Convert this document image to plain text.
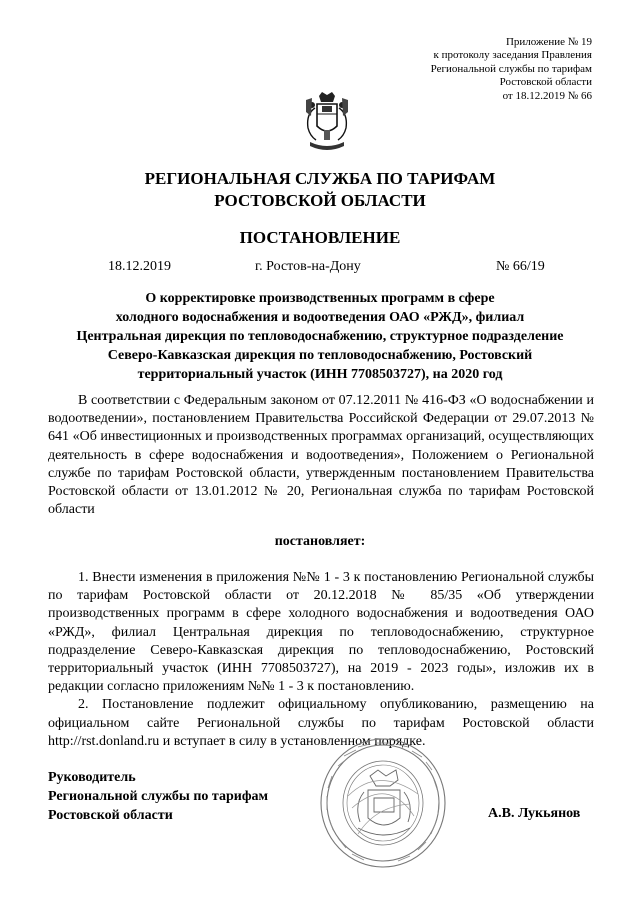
Приложение № 19
к протоколу заседания Правления
Региональной службы по тарифам
Ростовской области
от 18.12.2019 № 66
РЕГИОНАЛЬНАЯ СЛУЖБА ПО ТАРИФАМ
РОСТОВСКОЙ ОБЛАСТИ
ПОСТАНОВЛЕНИЕ
18.12.2019	г. Ростов-на-Дону	№ 66/19
О корректировке производственных программ в сфере
холодного водоснабжения и водоотведения ОАО «РЖД», филиал
Центральная дирекция по тепловодоснабжению, структурное подразделение
Северо-Кавказская дирекция по тепловодоснабжению, Ростовский
территориальный участок (ИНН 7708503727), на 2020 год

В соответствии с Федеральным законом от 07.12.2011 № 416-ФЗ «О водоснабжении и водоотведении», постановлением Правительства Российской Федерации от 29.07.2013 № 641 «Об инвестиционных и производственных программах организаций, осуществляющих деятельность в сфере водоснабжения и водоотведения», Положением о Региональной службе по тарифам Ростовской области, утвержденным постановлением Правительства Ростовской области от 13.01.2012 № 20, Региональная служба по тарифам Ростовской области

постановляет:

1. Внести изменения в приложения №№ 1 - 3 к постановлению Региональной службы по тарифам Ростовской области от 20.12.2018 № 85/35 «Об утверждении производственных программ в сфере холодного водоснабжения и водоотведения ОАО «РЖД», филиал Центральная дирекция по тепловодоснабжению, структурное подразделение Северо-Кавказская дирекция по тепловодоснабжению, Ростовский территориальный участок (ИНН 7708503727), на 2019 - 2023 годы», изложив их в редакции согласно приложениям №№ 1 - 3 к постановлению.

2. Постановление подлежит официальному опубликованию, размещению на официальном сайте Региональной службы по тарифам Ростовской области http://rst.donland.ru и вступает в силу в установленном порядке.

Руководитель
Региональной службы по тарифам
Ростовской области	А.В. Лукьянов
